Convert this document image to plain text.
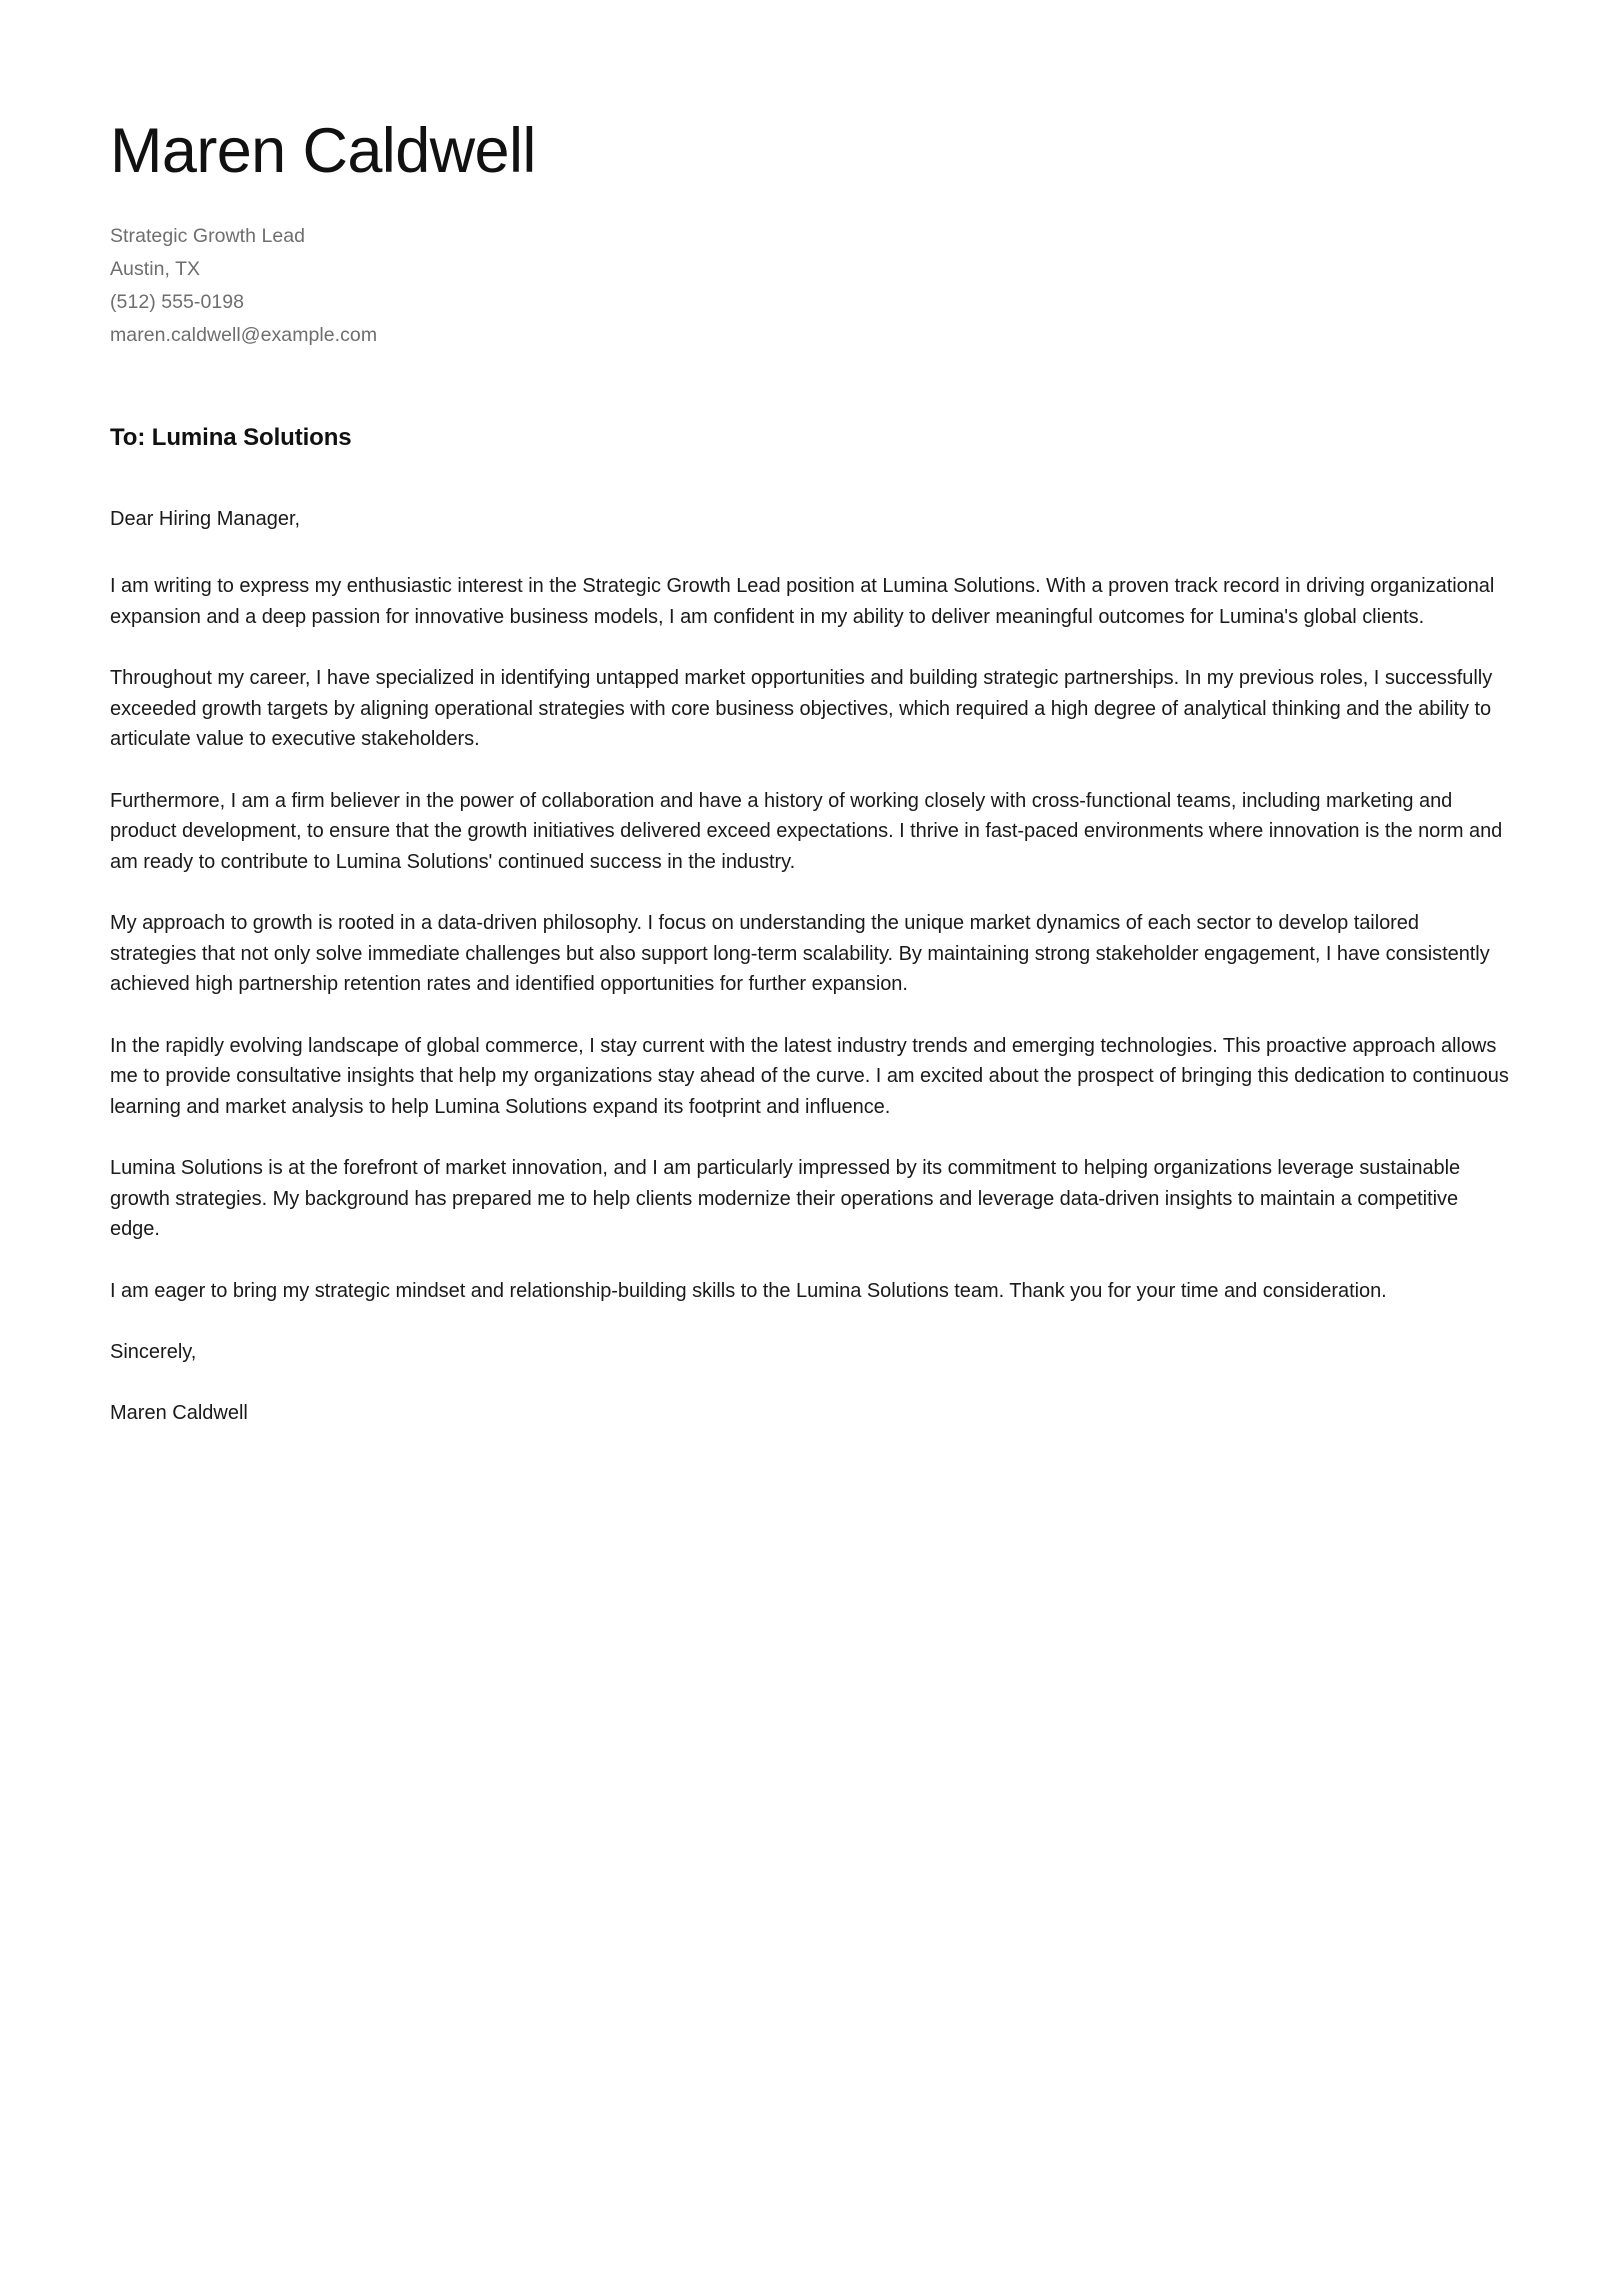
Maren Caldwell
Strategic Growth Lead
Austin, TX
(512) 555-0198
maren.caldwell@example.com
To: Lumina Solutions
Dear Hiring Manager,

I am writing to express my enthusiastic interest in the Strategic Growth Lead position at Lumina Solutions. With a proven track record in driving organizational expansion and a deep passion for innovative business models, I am confident in my ability to deliver meaningful outcomes for Lumina's global clients.

Throughout my career, I have specialized in identifying untapped market opportunities and building strategic partnerships. In my previous roles, I successfully exceeded growth targets by aligning operational strategies with core business objectives, which required a high degree of analytical thinking and the ability to articulate value to executive stakeholders.

Furthermore, I am a firm believer in the power of collaboration and have a history of working closely with cross-functional teams, including marketing and product development, to ensure that the growth initiatives delivered exceed expectations. I thrive in fast-paced environments where innovation is the norm and am ready to contribute to Lumina Solutions' continued success in the industry.

My approach to growth is rooted in a data-driven philosophy. I focus on understanding the unique market dynamics of each sector to develop tailored strategies that not only solve immediate challenges but also support long-term scalability. By maintaining strong stakeholder engagement, I have consistently achieved high partnership retention rates and identified opportunities for further expansion.

In the rapidly evolving landscape of global commerce, I stay current with the latest industry trends and emerging technologies. This proactive approach allows me to provide consultative insights that help my organizations stay ahead of the curve. I am excited about the prospect of bringing this dedication to continuous learning and market analysis to help Lumina Solutions expand its footprint and influence.

Lumina Solutions is at the forefront of market innovation, and I am particularly impressed by its commitment to helping organizations leverage sustainable growth strategies. My background has prepared me to help clients modernize their operations and leverage data-driven insights to maintain a competitive edge.

I am eager to bring my strategic mindset and relationship-building skills to the Lumina Solutions team. Thank you for your time and consideration.

Sincerely,
Maren Caldwell
